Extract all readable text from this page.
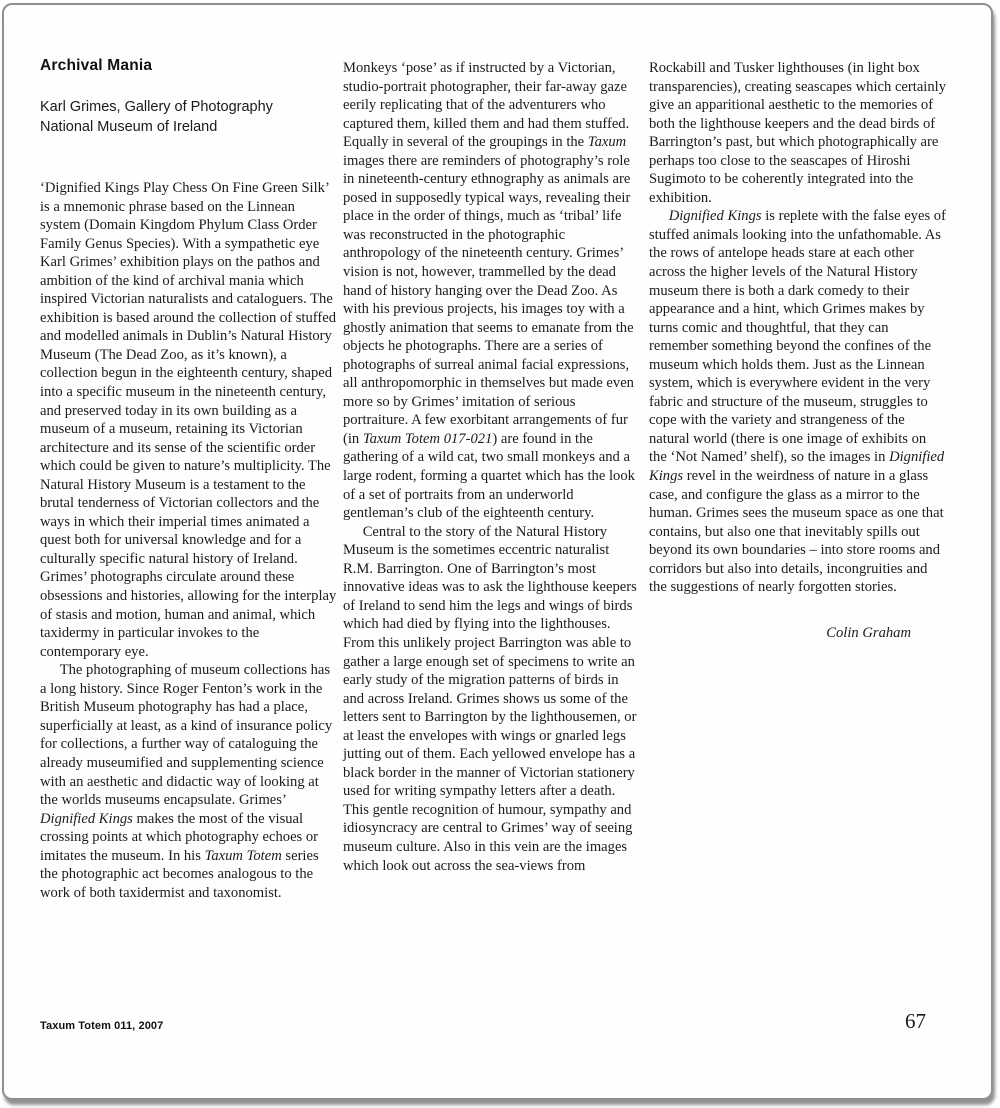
Archival Mania
Karl Grimes, Gallery of Photography
National Museum of Ireland

‘Dignified Kings Play Chess On Fine Green Silk’ is a mnemonic phrase based on the Linnean system (Domain Kingdom Phylum Class Order Family Genus Species). With a sympathetic eye Karl Grimes’ exhibition plays on the pathos and ambition of the kind of archival mania which inspired Victorian naturalists and cataloguers. The exhibition is based around the collection of stuffed and modelled animals in Dublin’s Natural History Museum (The Dead Zoo, as it’s known), a collection begun in the eighteenth century, shaped into a specific museum in the nineteenth century, and preserved today in its own building as a museum of a museum, retaining its Victorian architecture and its sense of the scientific order which could be given to nature’s multiplicity. The Natural History Museum is a testament to the brutal tenderness of Victorian collectors and the ways in which their imperial times animated a quest both for universal knowledge and for a culturally specific natural history of Ireland. Grimes’ photographs circulate around these obsessions and histories, allowing for the interplay of stasis and motion, human and animal, which taxidermy in particular invokes to the contemporary eye.

The photographing of museum collections has a long history. Since Roger Fenton’s work in the British Museum photography has had a place, superficially at least, as a kind of insurance policy for collections, a further way of cataloguing the already museumified and supplementing science with an aesthetic and didactic way of looking at the worlds museums encapsulate. Grimes’ Dignified Kings makes the most of the visual crossing points at which photography echoes or imitates the museum. In his Taxum Totem series the photographic act becomes analogous to the work of both taxidermist and taxonomist.

Monkeys ‘pose’ as if instructed by a Victorian, studio-portrait photographer, their far-away gaze eerily replicating that of the adventurers who captured them, killed them and had them stuffed. Equally in several of the groupings in the Taxum images there are reminders of photography’s role in nineteenth-century ethnography as animals are posed in supposedly typical ways, revealing their place in the order of things, much as ‘tribal’ life was reconstructed in the photographic anthropology of the nineteenth century. Grimes’ vision is not, however, trammelled by the dead hand of history hanging over the Dead Zoo. As with his previous projects, his images toy with a ghostly animation that seems to emanate from the objects he photographs. There are a series of photographs of surreal animal facial expressions, all anthropomorphic in themselves but made even more so by Grimes’ imitation of serious portraiture. A few exorbitant arrangements of fur (in Taxum Totem 017-021) are found in the gathering of a wild cat, two small monkeys and a large rodent, forming a quartet which has the look of a set of portraits from an underworld gentleman’s club of the eighteenth century.

Central to the story of the Natural History Museum is the sometimes eccentric naturalist R.M. Barrington. One of Barrington’s most innovative ideas was to ask the lighthouse keepers of Ireland to send him the legs and wings of birds which had died by flying into the lighthouses. From this unlikely project Barrington was able to gather a large enough set of specimens to write an early study of the migration patterns of birds in and across Ireland. Grimes shows us some of the letters sent to Barrington by the lighthousemen, or at least the envelopes with wings or gnarled legs jutting out of them. Each yellowed envelope has a black border in the manner of Victorian stationery used for writing sympathy letters after a death. This gentle recognition of humour, sympathy and idiosyncracy are central to Grimes’ way of seeing museum culture. Also in this vein are the images which look out across the sea-views from

Rockabill and Tusker lighthouses (in light box transparencies), creating seascapes which certainly give an apparitional aesthetic to the memories of both the lighthouse keepers and the dead birds of Barrington’s past, but which photographically are perhaps too close to the seascapes of Hiroshi Sugimoto to be coherently integrated into the exhibition.

Dignified Kings is replete with the false eyes of stuffed animals looking into the unfathomable. As the rows of antelope heads stare at each other across the higher levels of the Natural History museum there is both a dark comedy to their appearance and a hint, which Grimes makes by turns comic and thoughtful, that they can remember something beyond the confines of the museum which holds them. Just as the Linnean system, which is everywhere evident in the very fabric and structure of the museum, struggles to cope with the variety and strangeness of the natural world (there is one image of exhibits on the ‘Not Named’ shelf), so the images in Dignified Kings revel in the weirdness of nature in a glass case, and configure the glass as a mirror to the human. Grimes sees the museum space as one that contains, but also one that inevitably spills out beyond its own boundaries – into store rooms and corridors but also into details, incongruities and the suggestions of nearly forgotten stories.

Colin Graham

Taxum Totem 011, 2007	67
